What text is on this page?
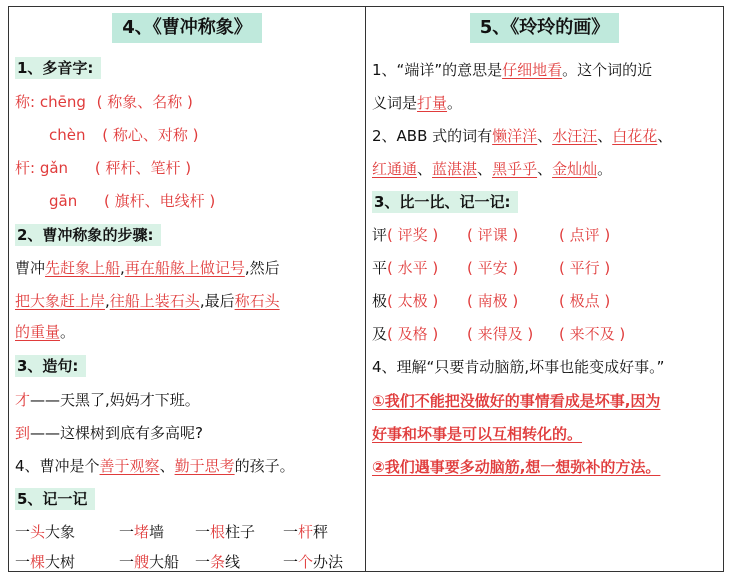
4、《曹冲称象》
1、多音字:
称: chēng ( 称象、名称 )
chèn ( 称心、对称 )
杆: gǎn ( 秤杆、笔杆 )
gān ( 旗杆、电线杆 )
2、曹冲称象的步骤:
曹冲先赶象上船,再在船舷上做记号,然后
把大象赶上岸,往船上装石头,最后称石头
的重量。
3、造句:
才——天黑了,妈妈才下班。
到——这棵树到底有多高呢?
4、曹冲是个善于观察、勤于思考的孩子。
5、记一记
一头大象	一堵墙 一根柱子 一杆秤
一棵大树	一艘大船 一条线	一个办法
5、《玲玲的画》
1、“端详”的意思是仔细地看。这个词的近
义词是打量。
2、ABB 式的词有懒洋洋、水汪汪、白花花、
红通通、蓝湛湛、黑乎乎、金灿灿。
3、比一比、记一记:
评( 评奖 ) ( 评课 )	( 点评 )
平( 水平 ) ( 平安 )	( 平行 )
极( 太极 ) ( 南极 )	( 极点 )
及( 及格 ) ( 来得及 ) ( 来不及 )
4、理解“只要肯动脑筋,坏事也能变成好事。”
①我们不能把没做好的事情看成是坏事,因为
好事和坏事是可以互相转化的。
②我们遇事要多动脑筋,想一想弥补的方法。
